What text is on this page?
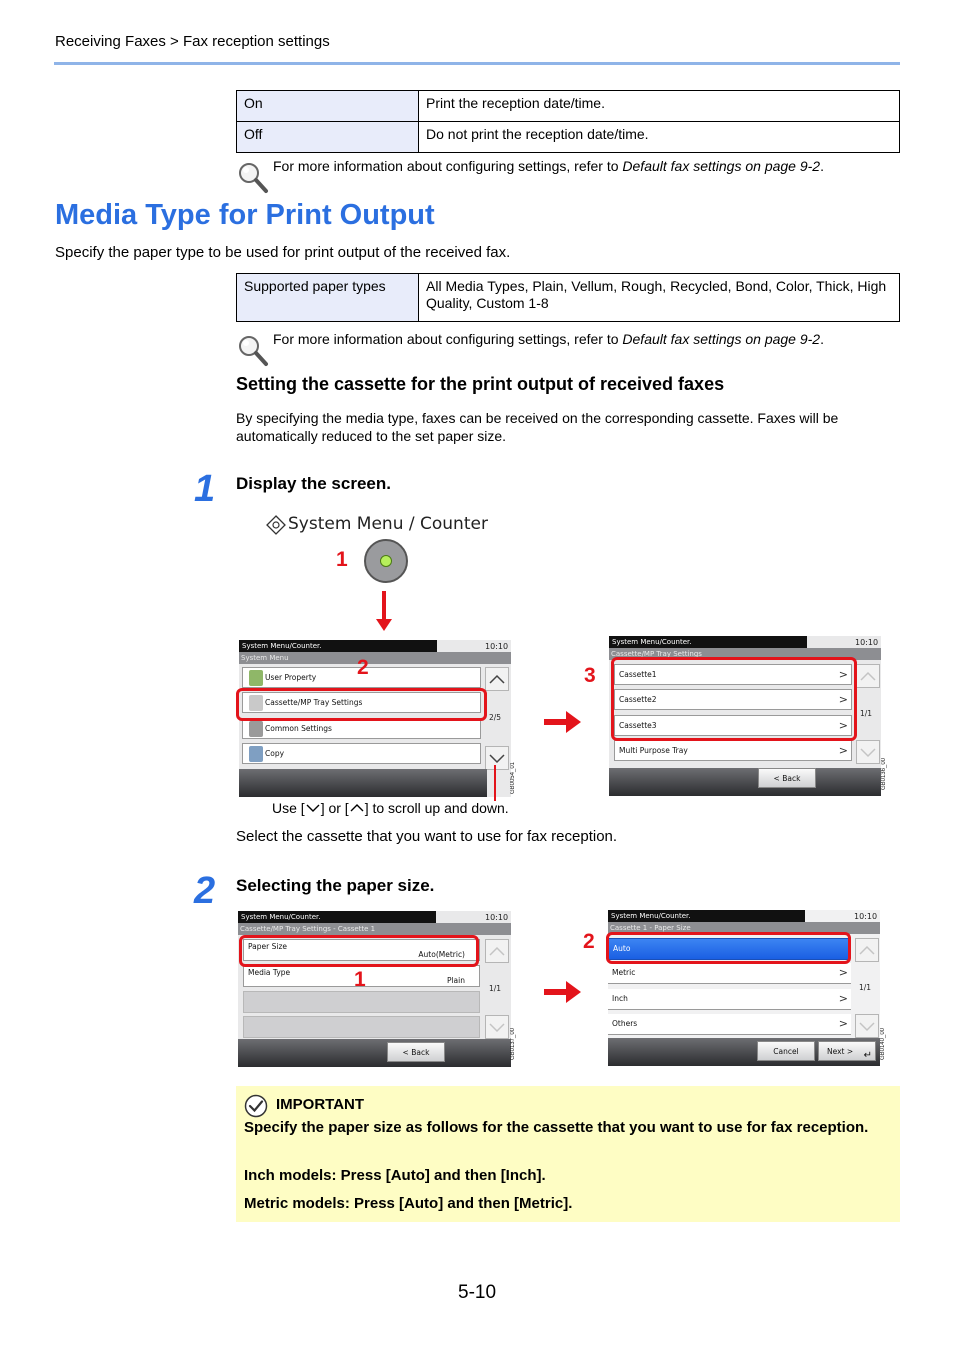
Receiving Faxes > Fax reception settings
On	Print the reception date/time.
Off	Do not print the reception date/time.
For more information about configuring settings, refer to Default fax settings on page 9-2.
Media Type for Print Output
Specify the paper type to be used for print output of the received fax.
Supported paper types	All Media Types, Plain, Vellum, Rough, Recycled, Bond, Color, Thick, High Quality, Custom 1-8
For more information about configuring settings, refer to Default fax settings on page 9-2.
Setting the cassette for the print output of received faxes
By specifying the media type, faxes can be received on the corresponding cassette. Faxes will be automatically reduced to the set paper size.
1 Display the screen.
System Menu / Counter
1
System Menu/Counter.	10:10
System Menu
User Property
Cassette/MP Tray Settings
Common Settings
Copy
2/5
GB0054_01
2
System Menu/Counter.	10:10
Cassette/MP Tray Settings
Cassette1	>
Cassette2	>
Cassette3	>
Multi Purpose Tray	>
1/1
< Back	GB0136_00
3
Use [ ] or [ ] to scroll up and down.
Select the cassette that you want to use for fax reception.
2 Selecting the paper size.
System Menu/Counter.	10:10
Cassette/MP Tray Settings - Cassette 1
Paper Size
Auto(Metric)
Media Type
Plain
1/1
< Back	GB0137_00
1
System Menu/Counter.	10:10
Cassette 1 - Paper Size
Auto
Metric	>
Inch	>
Others	>
1/1
Cancel	Next > ↵ GB0140_00
2
IMPORTANT
Specify the paper size as follows for the cassette that you want to use for fax reception.
Inch models: Press [Auto] and then [Inch].
Metric models: Press [Auto] and then [Metric].
5-10
